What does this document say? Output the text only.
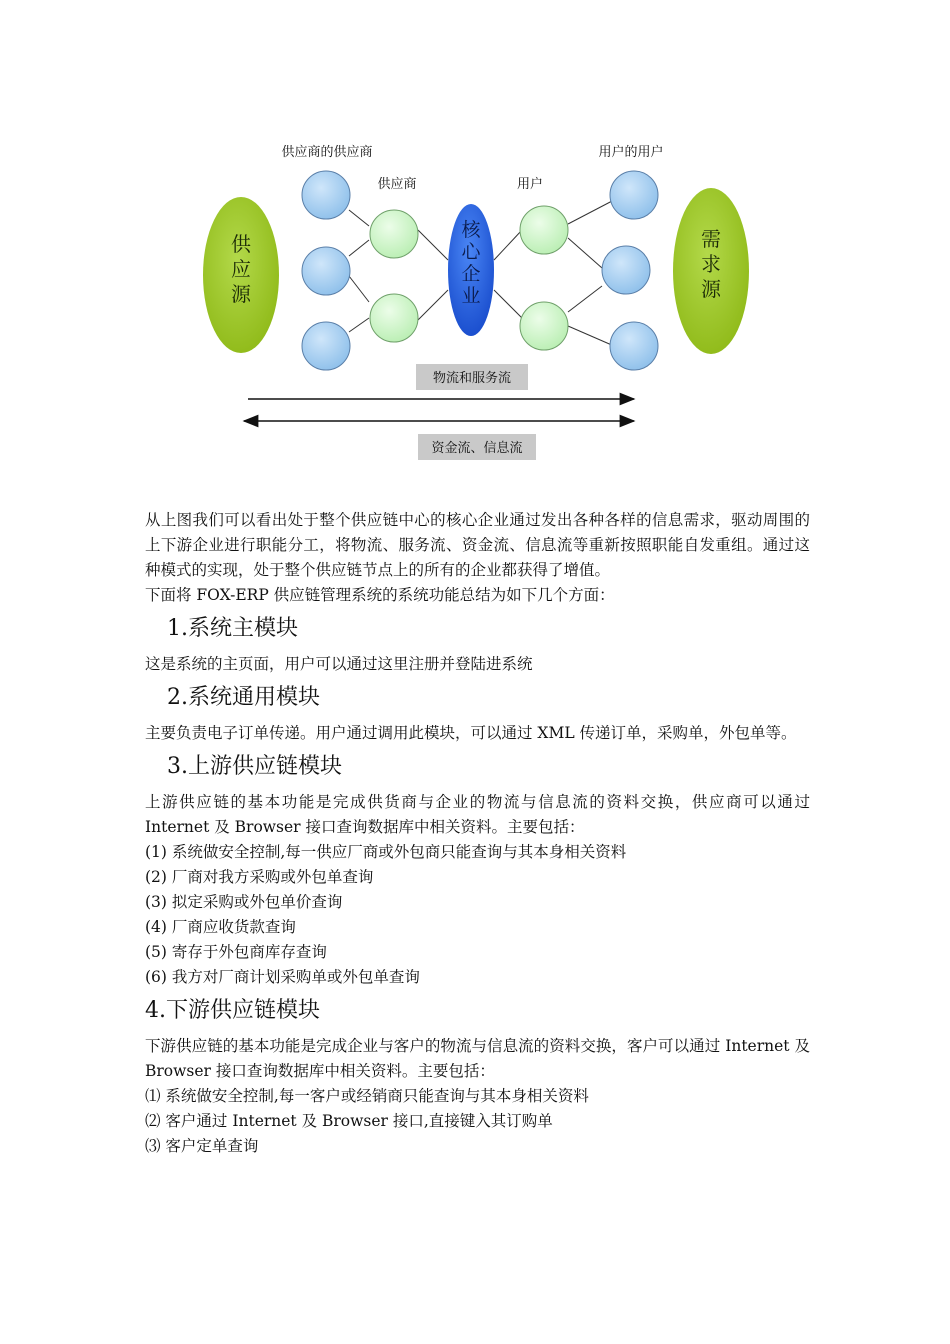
供
应
源
核
心
企
业
需
求
源
供应商的供应商
供应商	用户
用户的用户
物流和服务流
资金流、信息流

从上图我们可以看出处于整个供应链中心的核心企业通过发出各种各样的信息需求，驱动周围的上下游企业进行职能分工，将物流、服务流、资金流、信息流等重新按照职能自发重组。通过这种模式的实现，处于整个供应链节点上的所有的企业都获得了增值。

下面将 FOX-ERP 供应链管理系统的系统功能总结为如下几个方面：

1.系统主模块

这是系统的主页面，用户可以通过这里注册并登陆进系统

2.系统通用模块

主要负责电子订单传递。用户通过调用此模块，可以通过 XML 传递订单，采购单，外包单等。

3.上游供应链模块

上游供应链的基本功能是完成供货商与企业的物流与信息流的资料交换，供应商可以通过 Internet 及 Browser 接口查询数据库中相关资料。主要包括：

(1) 系统做安全控制,每一供应厂商或外包商只能查询与其本身相关资料
(2) 厂商对我方采购或外包单查询
(3) 拟定采购或外包单价查询
(4) 厂商应收货款查询
(5) 寄存于外包商库存查询
(6) 我方对厂商计划采购单或外包单查询
4.下游供应链模块

下游供应链的基本功能是完成企业与客户的物流与信息流的资料交换，客户可以通过 Internet 及 Browser 接口查询数据库中相关资料。主要包括：

⑴ 系统做安全控制,每一客户或经销商只能查询与其本身相关资料
⑵ 客户通过 Internet 及 Browser 接口,直接键入其订购单
⑶ 客户定单查询
